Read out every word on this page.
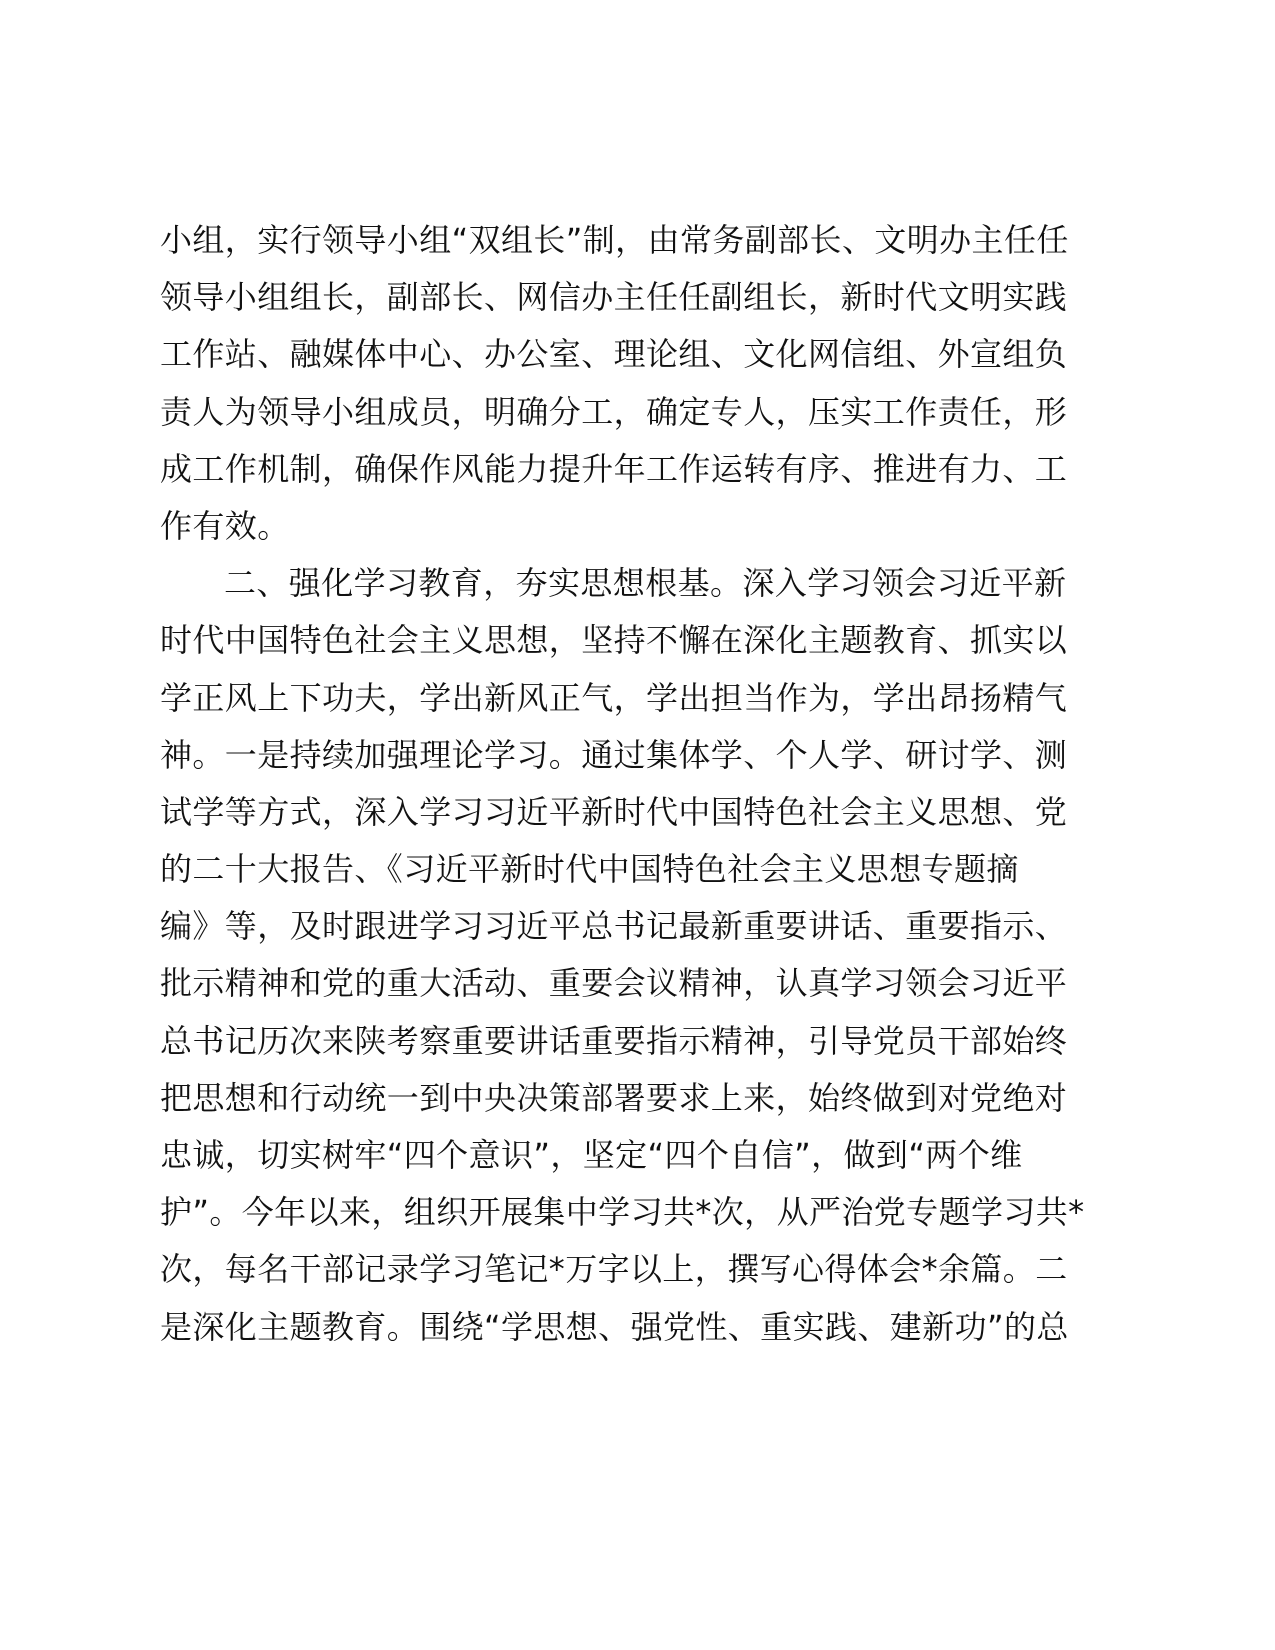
小组，实行领导小组“双组长”制，由常务副部长、文明办主任任
领导小组组长，副部长、网信办主任任副组长，新时代文明实践
工作站、融媒体中心、办公室、理论组、文化网信组、外宣组负
责人为领导小组成员，明确分工，确定专人，压实工作责任，形
成工作机制，确保作风能力提升年工作运转有序、推进有力、工
作有效。
二、强化学习教育，夯实思想根基。深入学习领会习近平新
时代中国特色社会主义思想，坚持不懈在深化主题教育、抓实以
学正风上下功夫，学出新风正气，学出担当作为，学出昂扬精气
神。一是持续加强理论学习。通过集体学、个人学、研讨学、测
试学等方式，深入学习习近平新时代中国特色社会主义思想、党
的二十大报告、《习近平新时代中国特色社会主义思想专题摘
编》等，及时跟进学习习近平总书记最新重要讲话、重要指示、
批示精神和党的重大活动、重要会议精神，认真学习领会习近平
总书记历次来陕考察重要讲话重要指示精神，引导党员干部始终
把思想和行动统一到中央决策部署要求上来，始终做到对党绝对
忠诚，切实树牢“四个意识”，坚定“四个自信”，做到“两个维
护”。今年以来，组织开展集中学习共*次，从严治党专题学习共*
次，每名干部记录学习笔记*万字以上，撰写心得体会*余篇。二
是深化主题教育。围绕“学思想、强党性、重实践、建新功”的总
